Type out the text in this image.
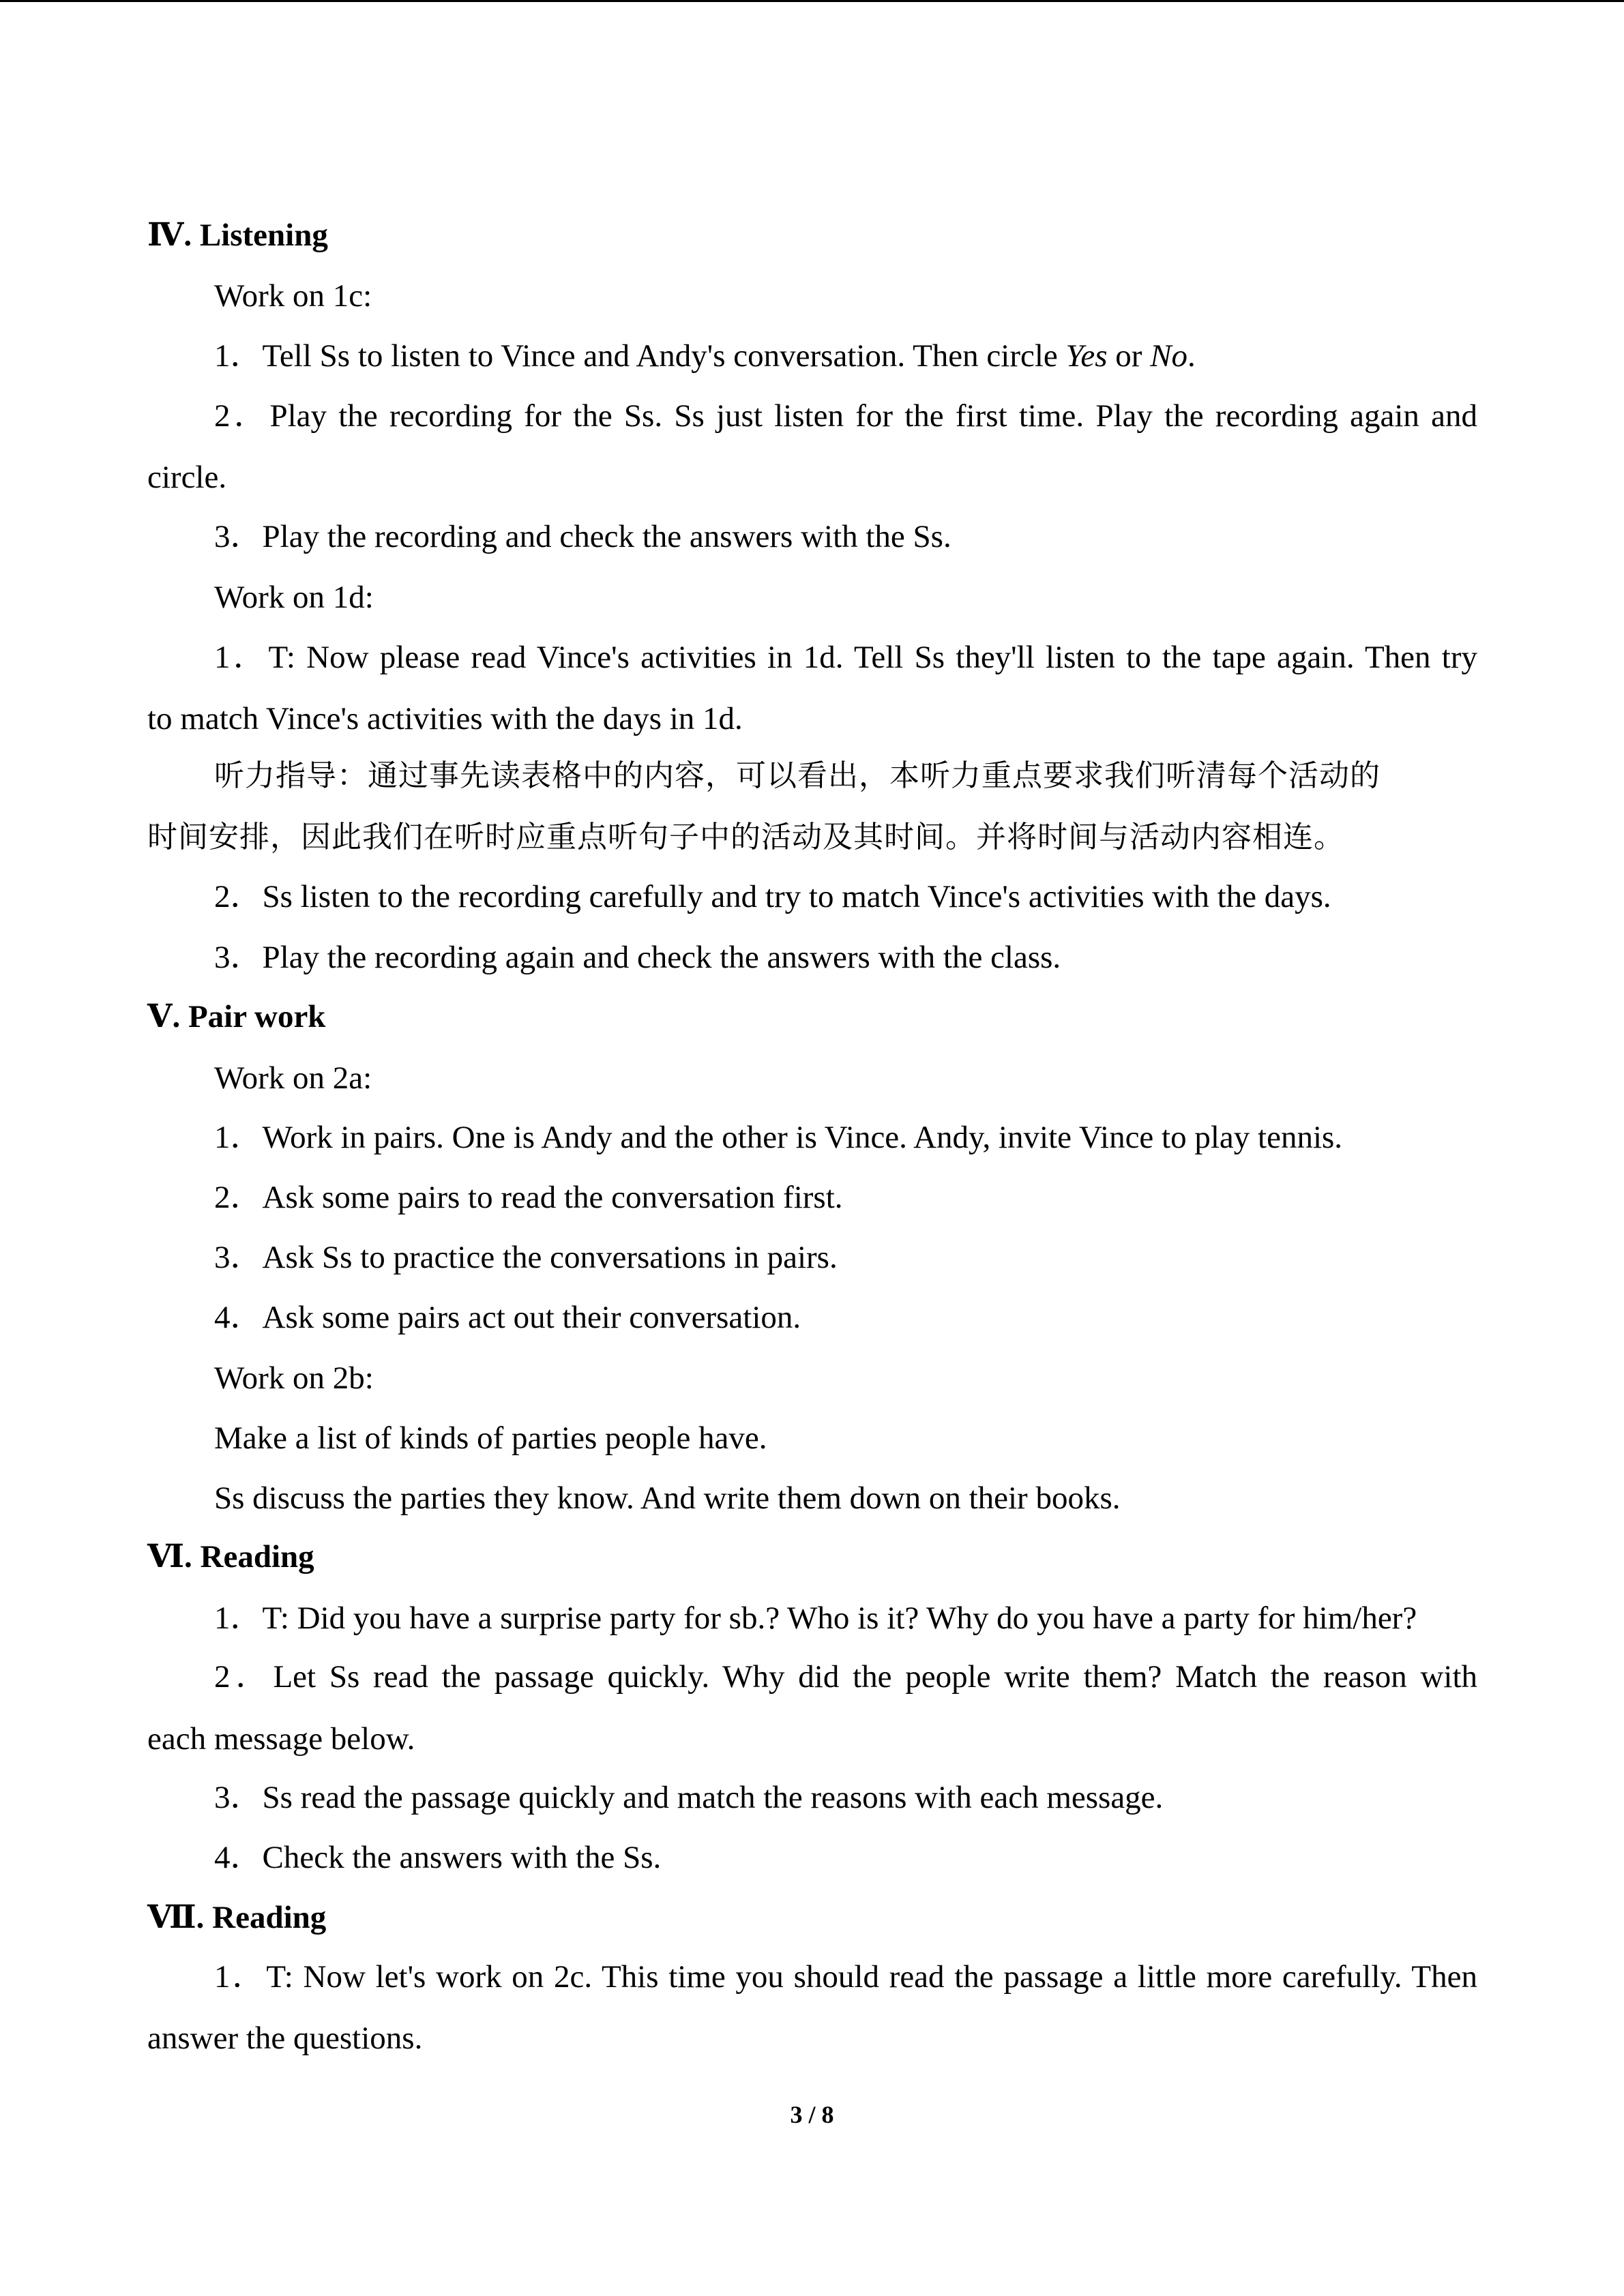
Ⅳ. Listening
Work on 1c:
1．Tell Ss to listen to Vince and Andy's conversation. Then circle Yes or No.
2．Play the recording for the Ss. Ss just listen for the first time. Play the recording again and
circle.
3．Play the recording and check the answers with the Ss.
Work on 1d:
1．T: Now please read Vince's activities in 1d. Tell Ss they'll listen to the tape again. Then try
to match Vince's activities with the days in 1d.
听力指导：通过事先读表格中的内容，可以看出，本听力重点要求我们听清每个活动的
时间安排，因此我们在听时应重点听句子中的活动及其时间。并将时间与活动内容相连。
2．Ss listen to the recording carefully and try to match Vince's activities with the days.
3．Play the recording again and check the answers with the class.
Ⅴ. Pair work
Work on 2a:
1．Work in pairs. One is Andy and the other is Vince. Andy, invite Vince to play tennis.
2．Ask some pairs to read the conversation first.
3．Ask Ss to practice the conversations in pairs.
4．Ask some pairs act out their conversation.
Work on 2b:
Make a list of kinds of parties people have.
Ss discuss the parties they know. And write them down on their books.
Ⅵ. Reading
1．T: Did you have a surprise party for sb.? Who is it? Why do you have a party for him/her?
2．Let Ss read the passage quickly. Why did the people write them? Match the reason with
each message below.
3．Ss read the passage quickly and match the reasons with each message.
4．Check the answers with the Ss.
Ⅶ. Reading
1．T: Now let's work on 2c. This time you should read the passage a little more carefully. Then
answer the questions.
3 / 8
